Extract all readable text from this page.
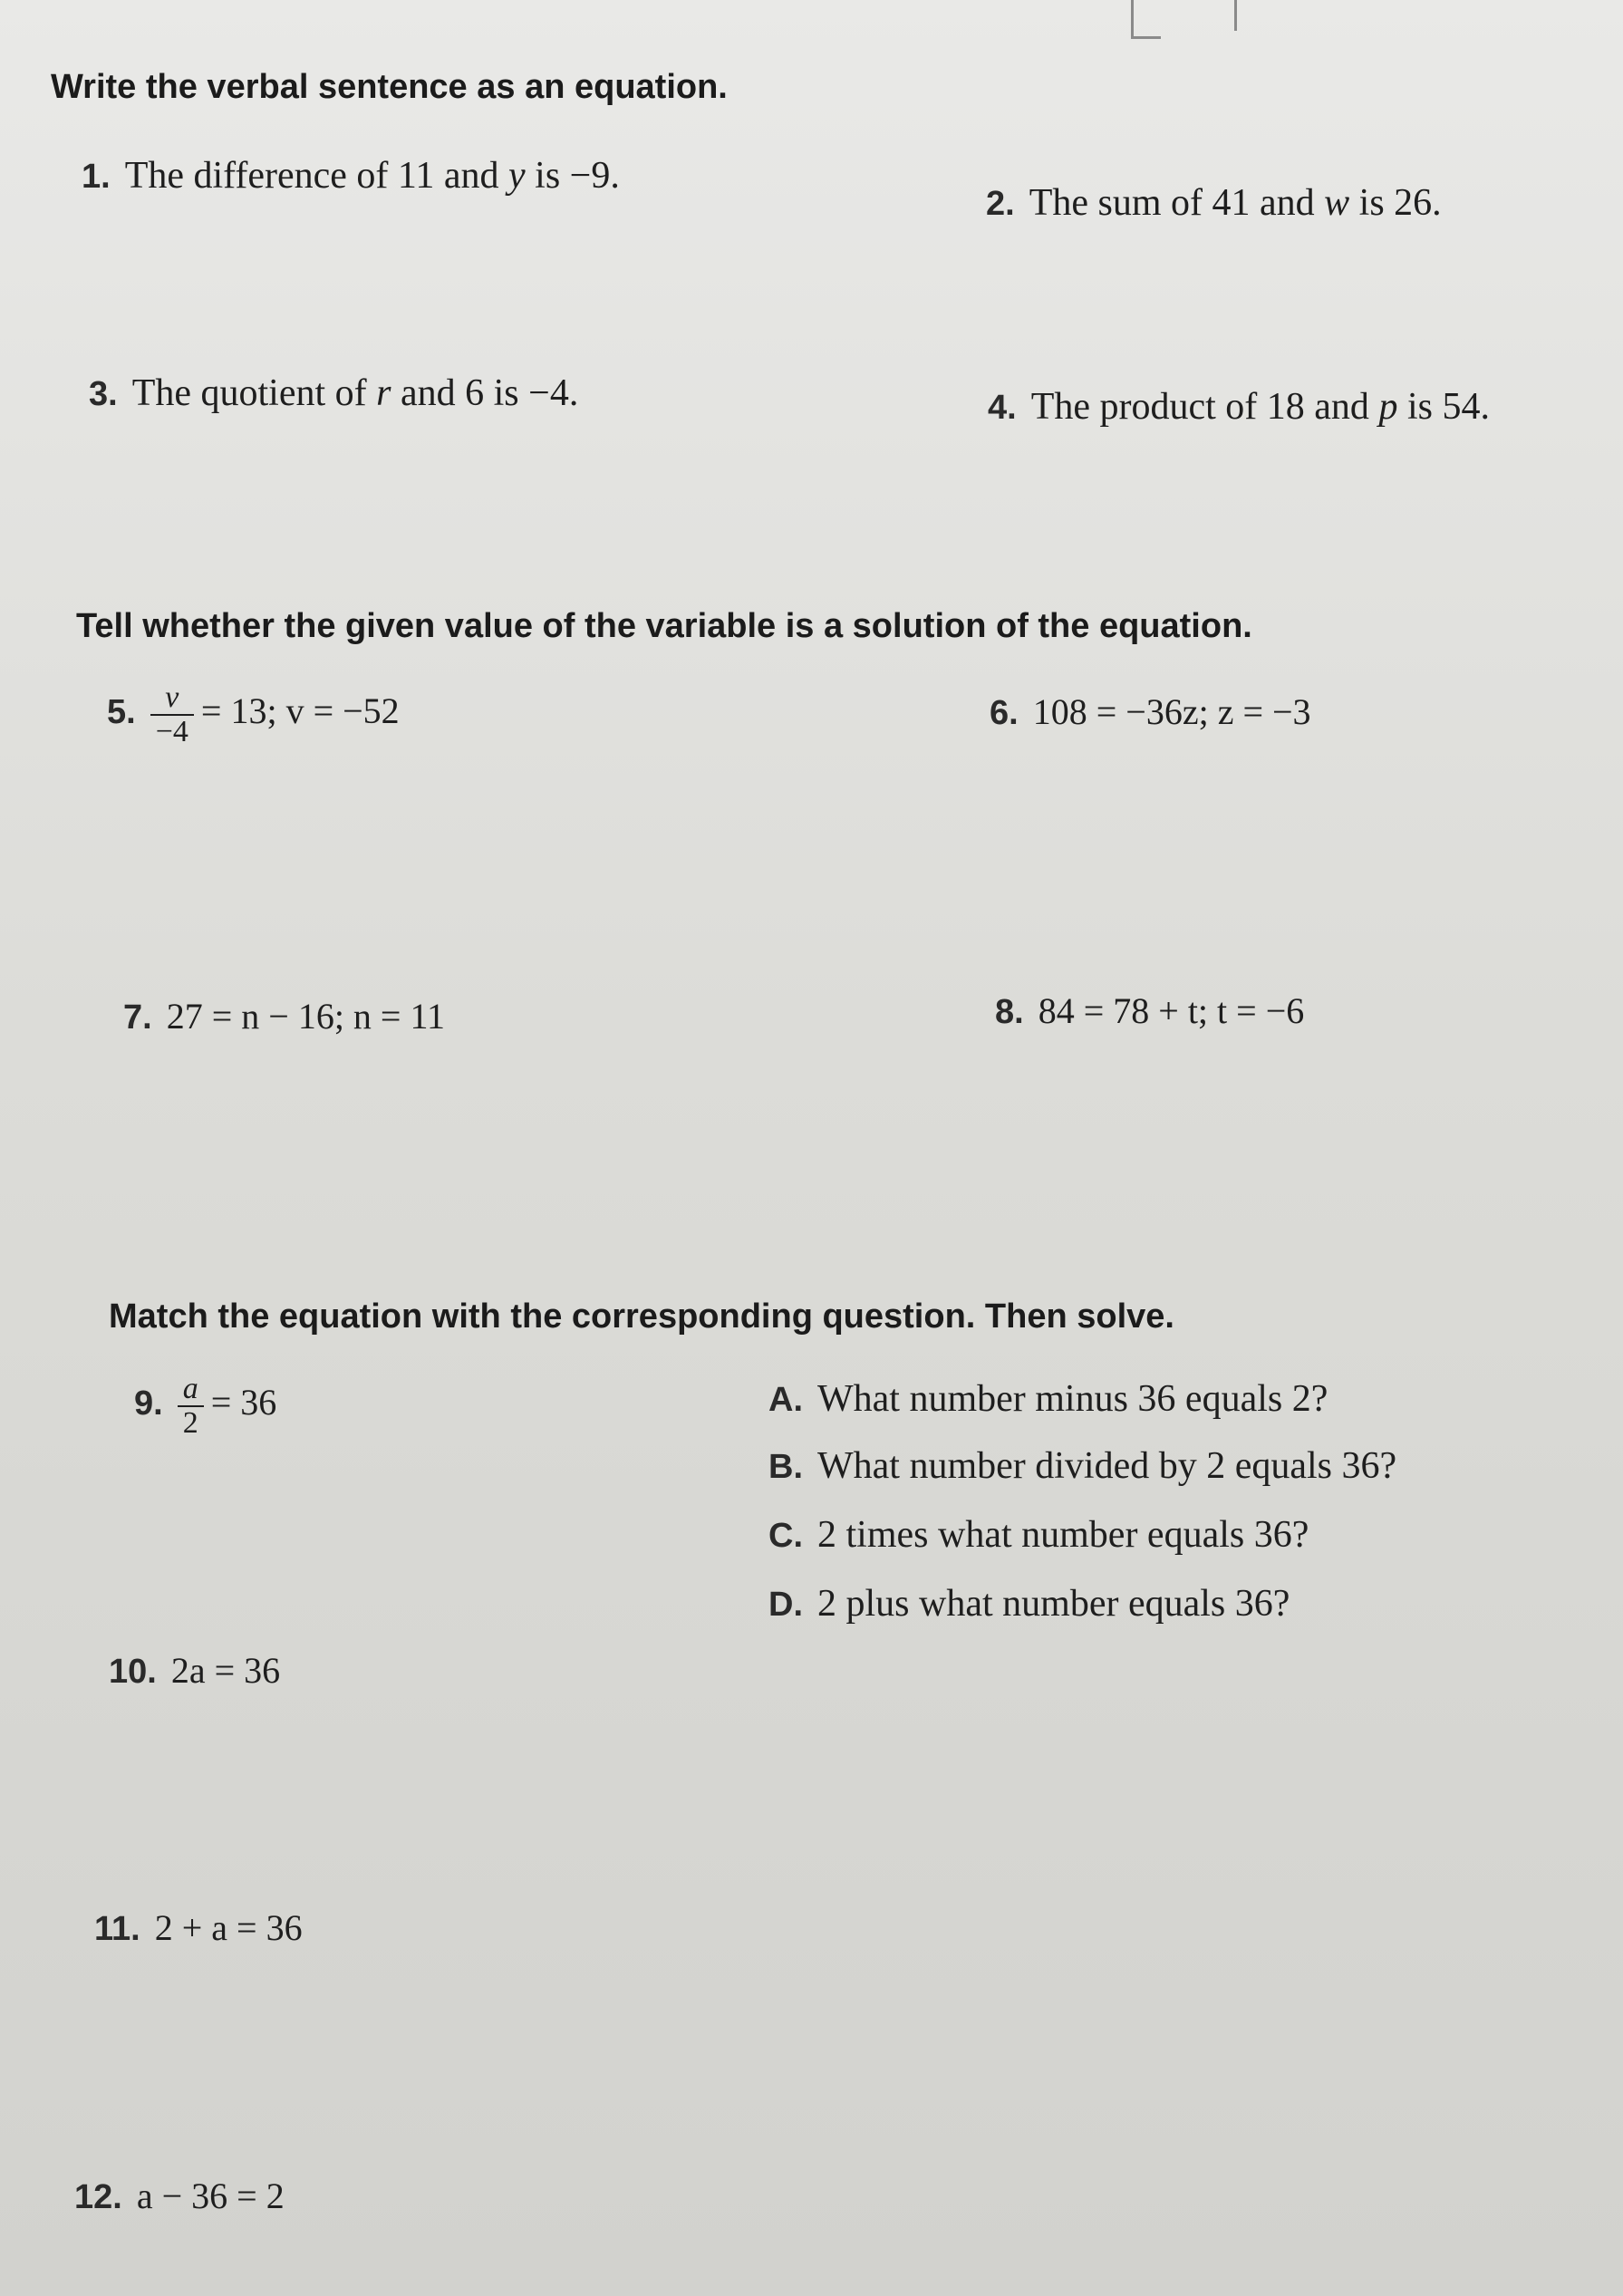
Write the verbal sentence as an equation.
1. The difference of 11 and y is −9.
2. The sum of 41 and w is 26.
3. The quotient of r and 6 is −4.	4. The product of 18 and p is 54.
Tell whether the given value of the variable is a solution of the equation.
5. $\frac{v}{-4} = 13$; v = −52	6. 108 = −36z; z = −3
7. 27 = n − 16; n = 11	8. 84 = 78 + t; t = −6
Match the equation with the corresponding question. Then solve.
9. $\frac{a}{2} = 36$	A. What number minus 36 equals 2?
B. What number divided by 2 equals 36?
C. 2 times what number equals 36?
D. 2 plus what number equals 36?
10. 2a = 36
11. 2 + a = 36
12. a − 36 = 2
